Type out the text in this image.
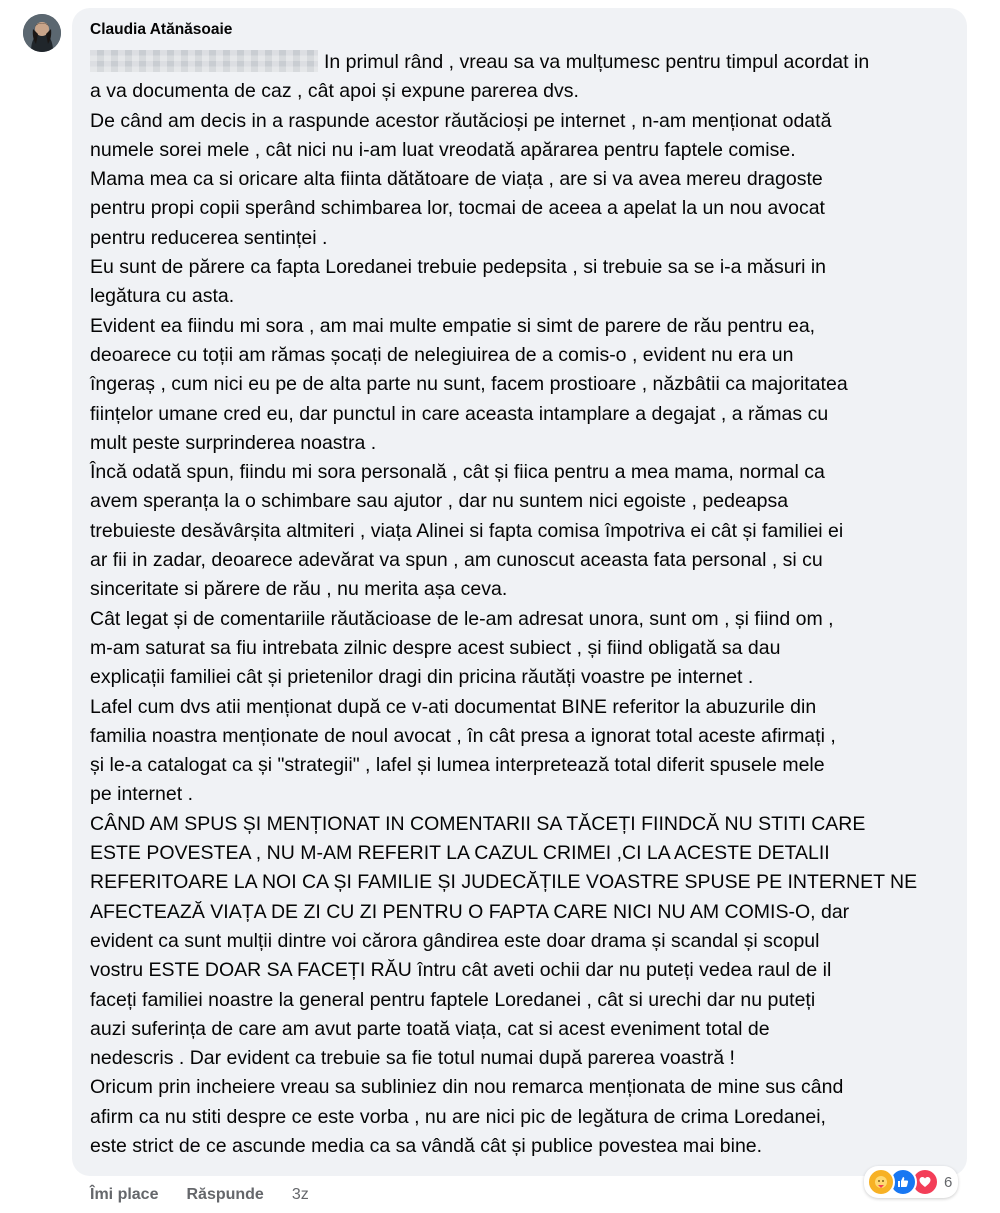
Claudia Atănăsoaie
In primul rând , vreau sa va mulțumesc pentru timpul acordat in
a va documenta de caz , cât apoi și expune parerea dvs.
De când am decis in a raspunde acestor răutăcioși pe internet , n-am menționat odată
numele sorei mele , cât nici nu i-am luat vreodată apărarea pentru faptele comise.
Mama mea ca si oricare alta fiinta dătătoare de viața , are si va avea mereu dragoste
pentru propi copii sperând schimbarea lor, tocmai de aceea a apelat la un nou avocat
pentru reducerea sentinței .
Eu sunt de părere ca fapta Loredanei trebuie pedepsita , si trebuie sa se i-a măsuri in
legătura cu asta.
Evident ea fiindu mi sora , am mai multe empatie si simt de parere de rău pentru ea,
deoarece cu toții am rămas șocați de nelegiuirea de a comis-o , evident nu era un
îngeraș , cum nici eu pe de alta parte nu sunt, facem prostioare , năzbâtii ca majoritatea
ființelor umane cred eu, dar punctul in care aceasta intamplare a degajat , a rămas cu
mult peste surprinderea noastra .
Încă odată spun, fiindu mi sora personală , cât și fiica pentru a mea mama, normal ca
avem speranța la o schimbare sau ajutor , dar nu suntem nici egoiste , pedeapsa
trebuieste desăvârșita altmiteri , viața Alinei si fapta comisa împotriva ei cât și familiei ei
ar fii in zadar, deoarece adevărat va spun , am cunoscut aceasta fata personal , si cu
sinceritate si părere de rău , nu merita așa ceva.
Cât legat și de comentariile răutăcioase de le-am adresat unora, sunt om , și fiind om ,
m-am saturat sa fiu intrebata zilnic despre acest subiect , și fiind obligată sa dau
explicații familiei cât și prietenilor dragi din pricina răutăți voastre pe internet .
Lafel cum dvs atii menționat după ce v-ati documentat BINE referitor la abuzurile din
familia noastra menționate de noul avocat , în cât presa a ignorat total aceste afirmați ,
și le-a catalogat ca și "strategii" , lafel și lumea interpretează total diferit spusele mele
pe internet .
CÂND AM SPUS ȘI MENȚIONAT IN COMENTARII SA TĂCEȚI FIINDCĂ NU STITI CARE
ESTE POVESTEA , NU M-AM REFERIT LA CAZUL CRIMEI ,CI LA ACESTE DETALII
REFERITOARE LA NOI CA ȘI FAMILIE ȘI JUDECĂȚILE VOASTRE SPUSE PE INTERNET NE
AFECTEAZĂ VIAȚA DE ZI CU ZI PENTRU O FAPTA CARE NICI NU AM COMIS-O, dar
evident ca sunt mulții dintre voi cărora gândirea este doar drama și scandal și scopul
vostru ESTE DOAR SA FACEȚI RĂU întru cât aveti ochii dar nu puteți vedea raul de il
faceți familiei noastre la general pentru faptele Loredanei , cât si urechi dar nu puteți
auzi suferința de care am avut parte toată viața, cat si acest eveniment total de
nedescris . Dar evident ca trebuie sa fie totul numai după parerea voastră !
Oricum prin incheiere vreau sa subliniez din nou remarca menționata de mine sus când
afirm ca nu stiti despre ce este vorba , nu are nici pic de legătura de crima Loredanei,
este strict de ce ascunde media ca sa vândă cât și publice povestea mai bine.
6
Îmi place Răspunde 3z
